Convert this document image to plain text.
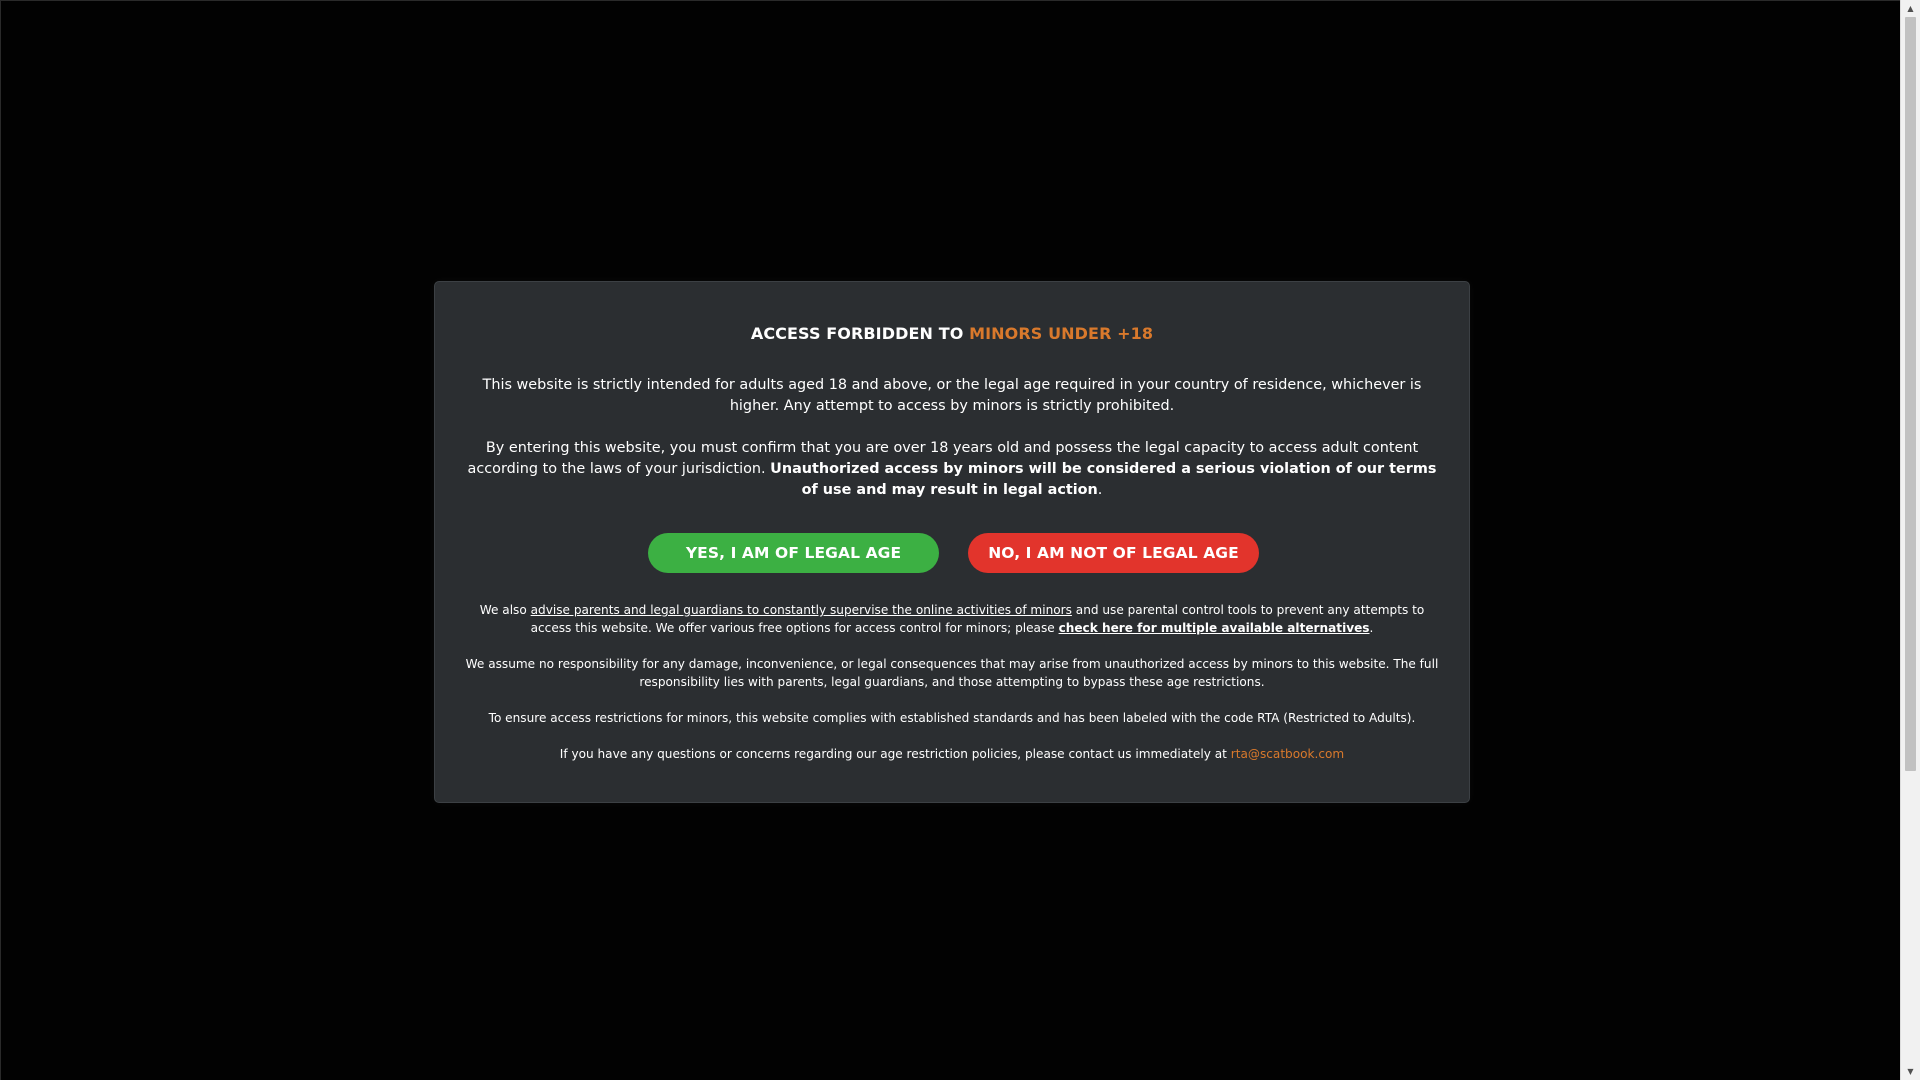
ACCESS FORBIDDEN TO MINORS UNDER +18
This website is strictly intended for adults aged 18 and above, or the legal age required in your country of residence, whichever is higher. Any attempt to access by minors is strictly prohibited.
By entering this website, you must confirm that you are over 18 years old and possess the legal capacity to access adult content according to the laws of your jurisdiction. Unauthorized access by minors will be considered a serious violation of our terms of use and may result in legal action.
YES, I AM OF LEGAL AGE	NO, I AM NOT OF LEGAL AGE
We also advise parents and legal guardians to constantly supervise the online activities of minors and use parental control tools to prevent any attempts to access this website. We offer various free options for access control for minors; please check here for multiple available alternatives.
We assume no responsibility for any damage, inconvenience, or legal consequences that may arise from unauthorized access by minors to this website. The full responsibility lies with parents, legal guardians, and those attempting to bypass these age restrictions.
To ensure access restrictions for minors, this website complies with established standards and has been labeled with the code RTA (Restricted to Adults).
If you have any questions or concerns regarding our age restriction policies, please contact us immediately at rta@scatbook.com
▲
▼
